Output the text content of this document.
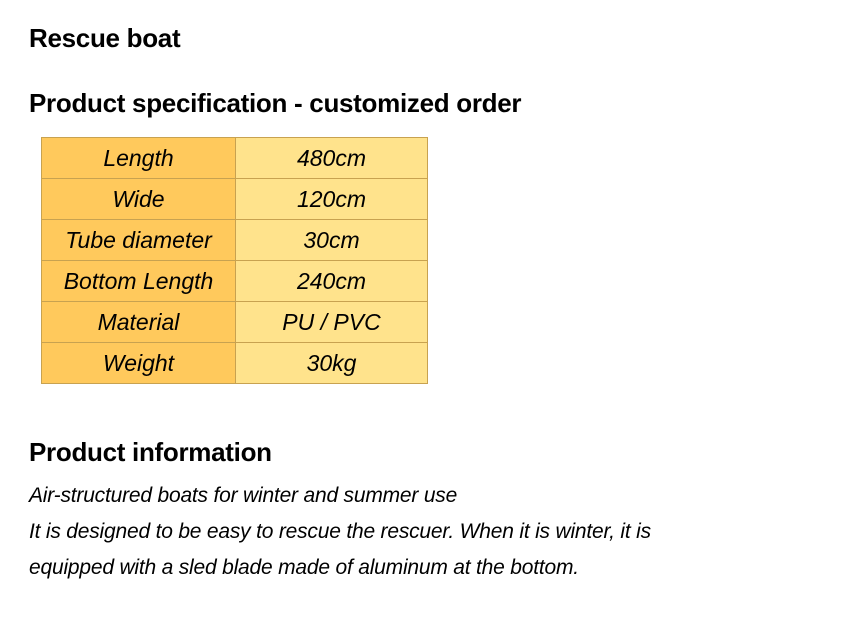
Rescue boat
Product specification - customized order
Length	480cm
Wide	120cm
Tube diameter	30cm
Bottom Length	240cm
Material	PU / PVC
Weight	30kg
Product information
Air-structured boats for winter and summer use
It is designed to be easy to rescue the rescuer. When it is winter, it is
equipped with a sled blade made of aluminum at the bottom.
